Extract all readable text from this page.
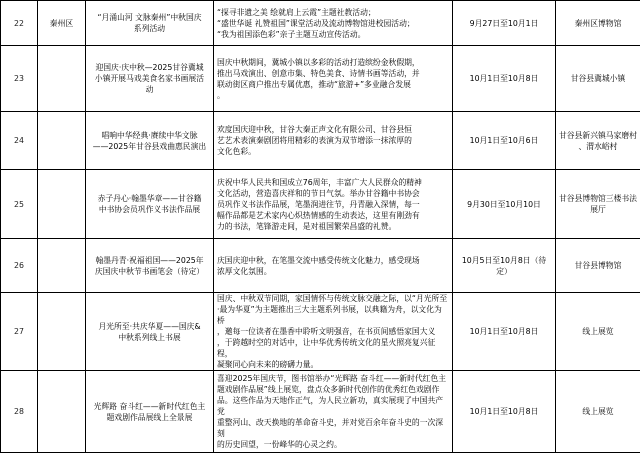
22	秦州区	“月涌山河 文脉秦州”中秋国庆
系列活动	“探寻非遗之美 绘就肩上云霞”主题社教活动；
“盛世华诞 礼赞祖国”课堂活动及流动博物馆进校园活动；
“我为祖国添色彩”亲子主题互动宣传活动。	9月27日至10月1日	秦州区博物馆

23		迎国庆·庆中秋—2025甘谷冀城
小镇开展马戏美食名家书画展活
动	国庆中秋期间，冀城小镇以多彩的活动打造缤纷金秋假期，
推出马戏演出、创意市集、特色美食、诗情书画等活动，并
联动街区商户推出专属优惠，推动“旅游+”多业融合发展
。	10月1日至10月8日	甘谷县冀城小镇

24		唱响中华经典·赓续中华文脉
——2025年甘谷县戏曲惠民演出	欢度国庆迎中秋，甘谷大秦正声文化有限公司、甘谷县恒
艺艺术表演秦剧团将用精彩的表演为双节增添一抹浓厚的
文化色彩。	10月1日至10月6日	甘谷县新兴镇马家磨村
、渭水峪村

25		赤子丹心·翰墨华章——甘谷籍
中书协会员巩作义书法作品展	庆祝中华人民共和国成立76周年，丰富广大人民群众的精神
文化活动，营造喜庆祥和的节日气氛。举办甘谷籍中书协会
员巩作义书法作品展，笔墨润进往节，丹青融入深情，每一
幅作品都是艺术家内心炽热情感的生动表达，这里有刚劲有
力的书法，笔锋游走间，是对祖国繁荣昌盛的礼赞。	9月30日至10月10日	甘谷县博物馆三楼书法
展厅

26		翰墨丹青·祝福祖国——2025年
庆国庆中秋节书画笔会（待定）	庆国庆迎中秋，在笔墨交流中感受传统文化魅力，感受现场
浓厚文化氛围。	10月5日至10月8日（待
定）	甘谷县博物馆

27		月光所至·共庆华夏——国庆&
中秋系列线上书展	国庆、中秋双节同期，家国情怀与传统文脉交融之际，以“月光所至
·最为华夏”为主题推出三大主题系列书展，以典籍为舟，以文化为桥
，邀每一位读者在墨香中聆听文明强音，在书页间感悟家国大义
，于跨越时空的对话中，让中华优秀传统文化的星火照亮复兴征程，
凝聚同心向未来的磅礴力量。	10月1日至10月8日	线上展览

28		光辉路 奋斗红——新时代红色主
题戏剧作品展线上全景展	喜迎2025年国庆节，图书馆举办“光辉路 奋斗红——新时代红色主
题戏剧作品展”线上展览，盘点众多新时代创作的优秀红色戏剧作
品。这些作品为天地作正气，为人民立新功，真实展现了中国共产党
重整河山、改天换地的革命奋斗史，并对党百余年奋斗史的一次深刻
的历史回望，一份峰华的心灵之约。	10月1日至10月8日	线上展览
